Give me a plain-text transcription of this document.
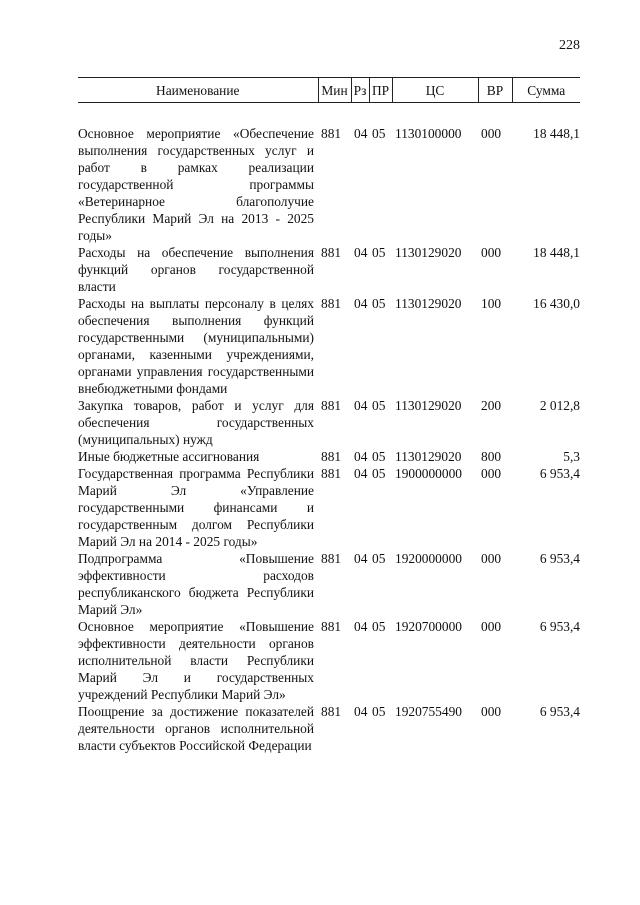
228
Наименование	Мин	Рз	ПР	ЦС	ВР	Сумма

Основное мероприятие «Обеспечение выполнения государственных услуг и работ в рамках реализации государственной программы «Ветеринарное благополучие Республики Марий Эл на 2013 - 2025 годы»	881	04	05	1130100000	000	18 448,1
Расходы на обеспечение выполнения функций органов государственной власти	881	04	05	1130129020	000	18 448,1
Расходы на выплаты персоналу в целях обеспечения выполнения функций государственными (муниципальными) органами, казенными учреждениями, органами управления государственными внебюджетными фондами	881	04	05	1130129020	100	16 430,0
Закупка товаров, работ и услуг для обеспечения государственных (муниципальных) нужд	881	04	05	1130129020	200	2 012,8
Иные бюджетные ассигнования	881	04	05	1130129020	800	5,3
Государственная программа Республики Марий Эл «Управление государственными финансами и государственным долгом Республики Марий Эл на 2014 - 2025 годы»	881	04	05	1900000000	000	6 953,4
Подпрограмма «Повышение эффективности расходов республиканского бюджета Республики Марий Эл»	881	04	05	1920000000	000	6 953,4
Основное мероприятие «Повышение эффективности деятельности органов исполнительной власти Республики Марий Эл и государственных учреждений Республики Марий Эл»	881	04	05	1920700000	000	6 953,4
Поощрение за достижение показателей деятельности органов исполнительной власти субъектов Российской Федерации	881	04	05	1920755490	000	6 953,4
